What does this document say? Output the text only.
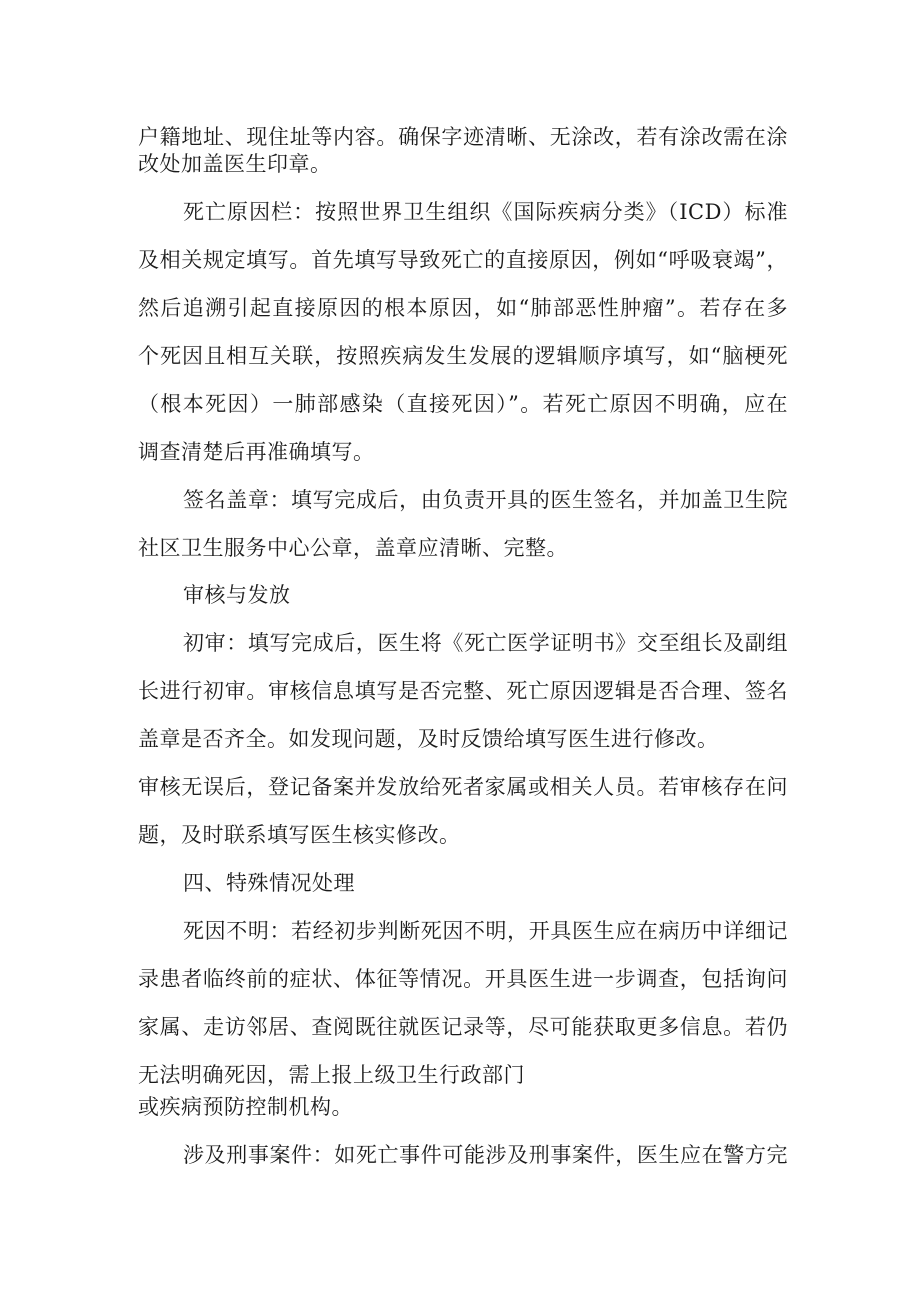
户籍地址、现住址等内容。确保字迹清晰、无涂改，若有涂改需在涂
改处加盖医生印章。
死亡原因栏：按照世界卫生组织《国际疾病分类》（ICD）标准
及相关规定填写。首先填写导致死亡的直接原因，例如“呼吸衰竭”，
然后追溯引起直接原因的根本原因，如“肺部恶性肿瘤”。若存在多
个死因且相互关联，按照疾病发生发展的逻辑顺序填写，如“脑梗死
（根本死因）一肺部感染（直接死因）”。若死亡原因不明确，应在
调查清楚后再准确填写。
签名盖章：填写完成后，由负责开具的医生签名，并加盖卫生院
社区卫生服务中心公章，盖章应清晰、完整。
审核与发放
初审：填写完成后，医生将《死亡医学证明书》交至组长及副组
长进行初审。审核信息填写是否完整、死亡原因逻辑是否合理、签名
盖章是否齐全。如发现问题，及时反馈给填写医生进行修改。
审核无误后，登记备案并发放给死者家属或相关人员。若审核存在问
题，及时联系填写医生核实修改。
四、特殊情况处理
死因不明：若经初步判断死因不明，开具医生应在病历中详细记
录患者临终前的症状、体征等情况。开具医生进一步调查，包括询问
家属、走访邻居、查阅既往就医记录等，尽可能获取更多信息。若仍
无法明确死因，需上报上级卫生行政部门
或疾病预防控制机构。
涉及刑事案件：如死亡事件可能涉及刑事案件，医生应在警方完
